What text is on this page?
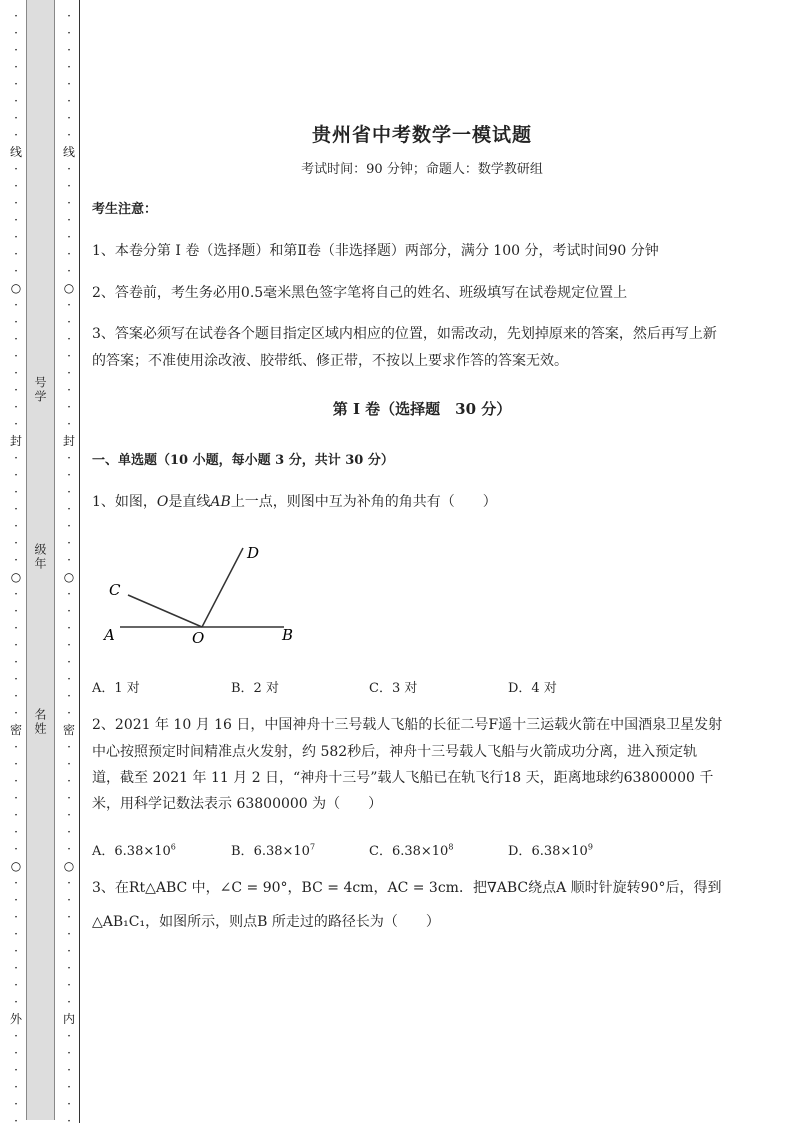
·
·
·
·
·
·
·
·
线
·
·
·
·
·
·
·
○
·
·
·
·
·
·
·
·
封
·
·
·
·
·
·
·
○
·
·
·
·
·
·
·
·
密
·
·
·
·
·
·
·
○
·
·
·
·
·
·
·
·
外
·
·
·
·
·
·
·
·
·
·
·
·
·
·
线
·
·
·
·
·
·
·
○
·
·
·
·
·
·
·
·
封
·
·
·
·
·
·
·
○
·
·
·
·
·
·
·
·
密
·
·
·
·
·
·
·
○
·
·
·
·
·
·
·
·
内
·
·
·
·
·
·
号学
级年
名姓
贵州省中考数学一模试题
考试时间：90 分钟；命题人：数学教研组
考生注意：
1、本卷分第 I 卷（选择题）和第Ⅱ卷（非选择题）两部分，满分 100 分，考试时间90 分钟
2、答卷前，考生务必用0.5毫米黑色签字笔将自己的姓名、班级填写在试卷规定位置上
3、答案必须写在试卷各个题目指定区域内相应的位置，如需改动，先划掉原来的答案，然后再写上新
的答案；不准使用涂改液、胶带纸、修正带，不按以上要求作答的答案无效。
第 I 卷（选择题　30 分）
一、单选题（10 小题，每小题 3 分，共计 30 分）
1、如图，O是直线AB上一点，则图中互为补角的角共有（　　）
A	B
C
D
O
A．1 对	B．2 对	C．3 对	D．4 对
2、2021 年 10 月 16 日，中国神舟十三号载人飞船的长征二号F遥十三运载火箭在中国酒泉卫星发射
中心按照预定时间精准点火发射，约 582秒后，神舟十三号载人飞船与火箭成功分离，进入预定轨
道，截至 2021 年 11 月 2 日，“神舟十三号”载人飞船已在轨飞行18 天，距离地球约63800000 千
米，用科学记数法表示 63800000 为（　　）
A．$6.38\times 10^6$	B．$6.38\times 10^7$	C．$6.38\times 10^8$	D．$6.38\times 10^9$
3、在Rt△ABC 中，∠C = 90°，BC = 4cm，AC = 3cm．把∇ABC绕点A 顺时针旋转90°后，得到
△AB₁C₁，如图所示，则点B 所走过的路径长为（　　）
